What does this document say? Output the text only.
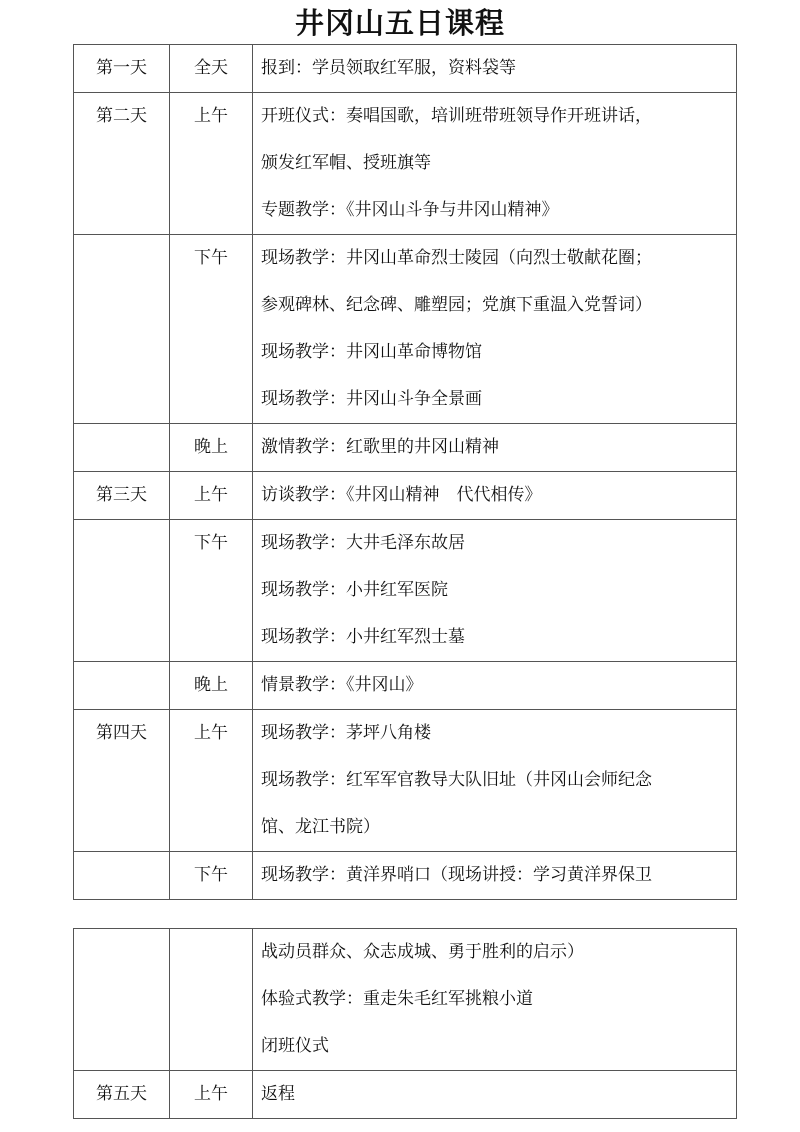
井冈山五日课程
第一天	全天	报到：学员领取红军服，资料袋等

第二天	上午	开班仪式：奏唱国歌，培训班带班领导作开班讲话，
颁发红军帽、授班旗等
专题教学：《井冈山斗争与井冈山精神》

	下午	现场教学：井冈山革命烈士陵园（向烈士敬献花圈；
参观碑林、纪念碑、雕塑园；党旗下重温入党誓词）
现场教学：井冈山革命博物馆
现场教学：井冈山斗争全景画

	晚上	激情教学：红歌里的井冈山精神

第三天	上午	访谈教学：《井冈山精神　代代相传》

	下午	现场教学：大井毛泽东故居
现场教学：小井红军医院
现场教学：小井红军烈士墓

	晚上	情景教学：《井冈山》

第四天	上午	现场教学：茅坪八角楼
现场教学：红军军官教导大队旧址（井冈山会师纪念
馆、龙江书院）

	下午	现场教学：黄洋界哨口（现场讲授：学习黄洋界保卫

		战动员群众、众志成城、勇于胜利的启示）
体验式教学：重走朱毛红军挑粮小道
闭班仪式

第五天	上午	返程
